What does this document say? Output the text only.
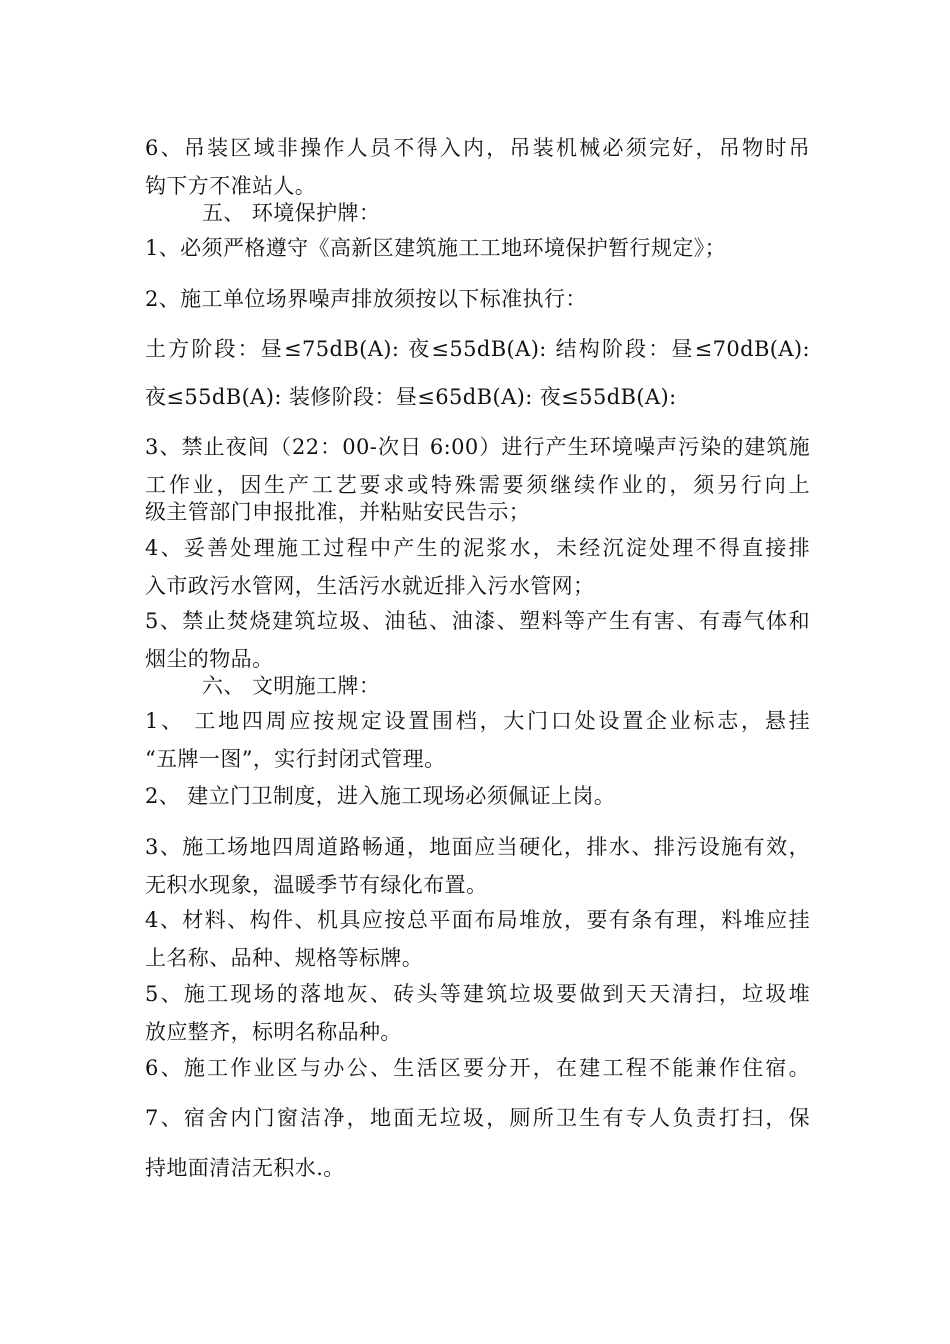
6、吊装区域非操作人员不得入内，吊装机械必须完好，吊物时吊
钩下方不准站人。
五、 环境保护牌：
1、必须严格遵守《高新区建筑施工工地环境保护暂行规定》；
2、施工单位场界噪声排放须按以下标准执行：
土方阶段：昼≤75dB(A): 夜≤55dB(A): 结构阶段：昼≤70dB(A):
夜≤55dB(A): 装修阶段：昼≤65dB(A): 夜≤55dB(A):
3、禁止夜间（22：00-次日 6:00）进行产生环境噪声污染的建筑施
工作业，因生产工艺要求或特殊需要须继续作业的，须另行向上
级主管部门申报批准，并粘贴安民告示；
4、妥善处理施工过程中产生的泥浆水，未经沉淀处理不得直接排
入市政污水管网，生活污水就近排入污水管网；
5、禁止焚烧建筑垃圾、油毡、油漆、塑料等产生有害、有毒气体和
烟尘的物品。
六、 文明施工牌：
1、 工地四周应按规定设置围档，大门口处设置企业标志，悬挂
“五牌一图”，实行封闭式管理。
2、 建立门卫制度，进入施工现场必须佩证上岗。
3、施工场地四周道路畅通，地面应当硬化，排水、排污设施有效，
无积水现象，温暖季节有绿化布置。
4、材料、构件、机具应按总平面布局堆放，要有条有理，料堆应挂
上名称、品种、规格等标牌。
5、施工现场的落地灰、砖头等建筑垃圾要做到天天清扫，垃圾堆
放应整齐，标明名称品种。
6、施工作业区与办公、生活区要分开，在建工程不能兼作住宿。
7、宿舍内门窗洁净，地面无垃圾，厕所卫生有专人负责打扫，保
持地面清洁无积水.。
